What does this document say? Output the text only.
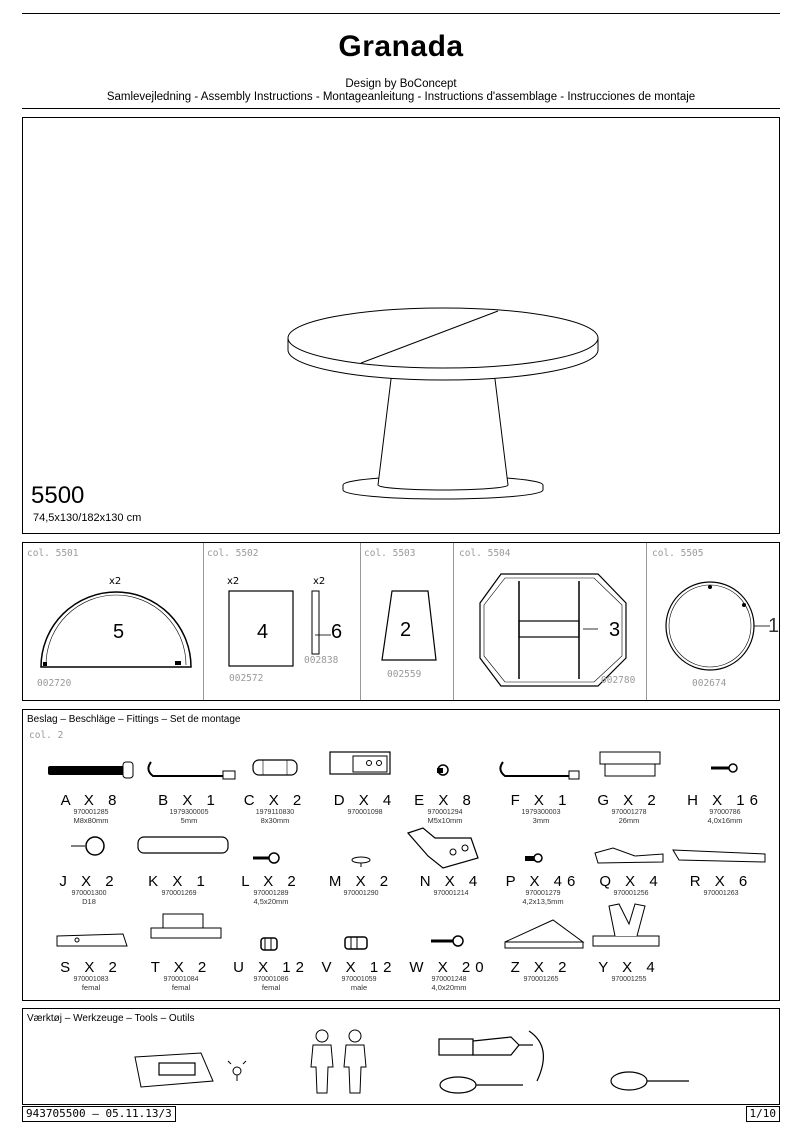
Granada
Design by BoConcept
Samlevejledning - Assembly Instructions - Montageanleitung - Instructions d'assemblage - Instrucciones de montaje
5500
74,5x130/182x130 cm
col. 5501
x2
5
002720
col. 5502
x2	x2
4	6
002572
002838
col. 5503
2
002559
col. 5504
3
002780
col. 5505
1
002674
Beslag – Beschläge – Fittings – Set de montage
col. 2
A X 8
970001285
M8x80mm
B X 1
1979300005
5mm
C X 2
1979110830
8x30mm
D X 4
970001098
E X 8
970001294
M5x10mm
F X 1
1979300003
3mm
G X 2
970001278
26mm
H X 16
97000786
4,0x16mm
J X 2
970001300
D18
K X 1
970001269
L X 2
970001289
4,5x20mm
M X 2
970001290
N X 4
970001214
P X 46
970001279
4,2x13,5mm
Q X 4
970001256
R X 6
970001263
S X 2
970001083
femal
T X 2
970001084
femal
U X 12
970001086
femal
V X 12
970001059
male
W X 20
970001248
4,0x20mm
Z X 2
970001265
Y X 4
970001255
Værktøj – Werkzeuge – Tools – Outils
943705500 – 05.11.13/3	1/10
